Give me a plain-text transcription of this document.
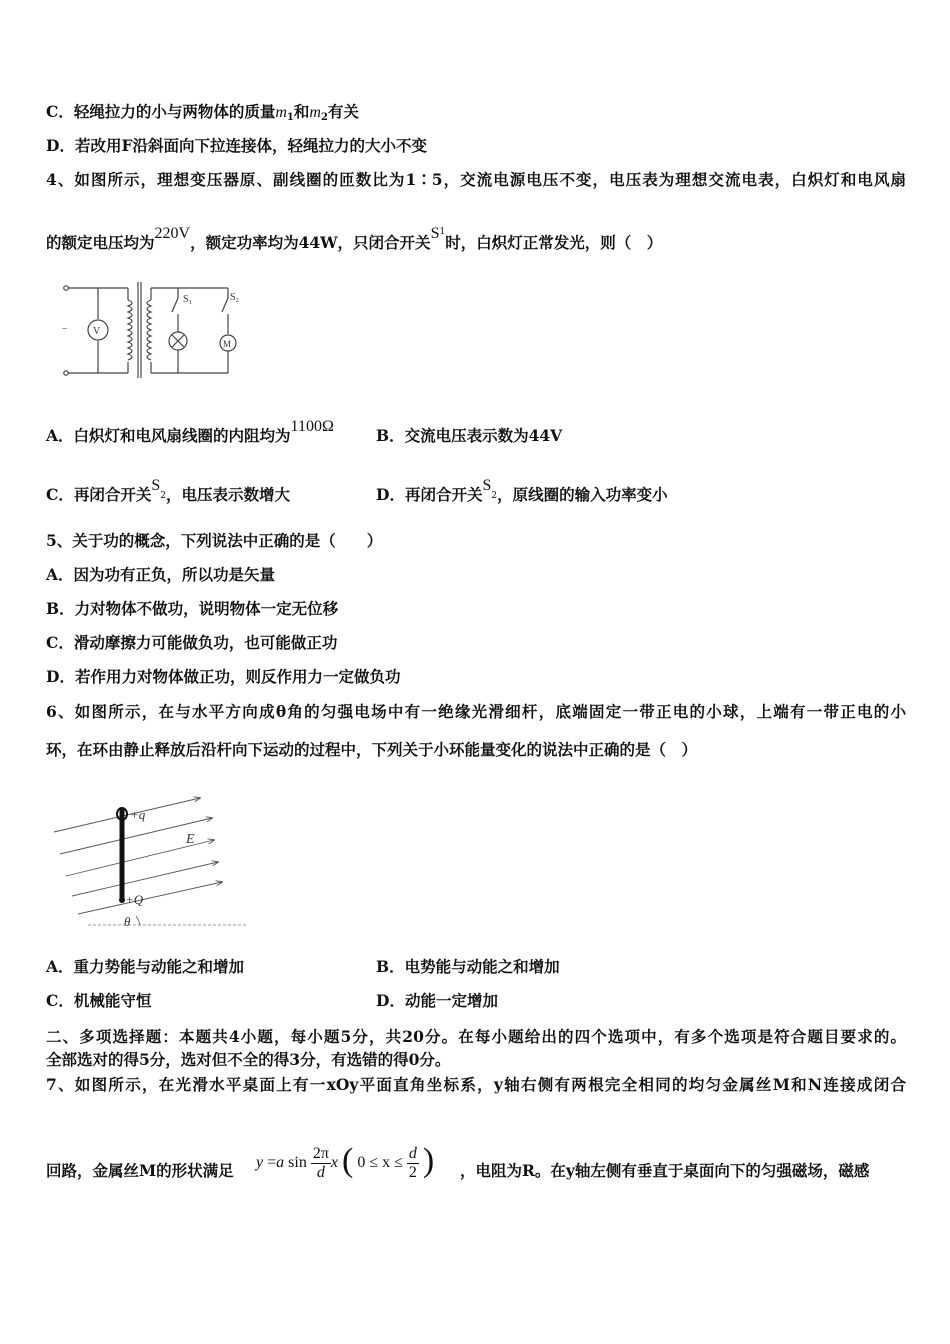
C．轻绳拉力的小与两物体的质量m1和m2有关
D．若改用F沿斜面向下拉连接体，轻绳拉力的大小不变
4、如图所示，理想变压器原、副线圈的匝数比为1∶5，交流电源电压不变，电压表为理想交流电表，白炽灯和电风扇
的额定电压均为220V，额定功率均为44W，只闭合开关$S^1$时，白炽灯正常发光，则（　）
V
M
S₁	S₂
−
A．白炽灯和电风扇线圈的内阻均为1100Ω	B．交流电压表示数为44V
C．再闭合开关S2，电压表示数增大	D．再闭合开关S2，原线圈的输入功率变小
5、关于功的概念，下列说法中正确的是（　　）
A．因为功有正负，所以功是矢量
B．力对物体不做功，说明物体一定无位移
C．滑动摩擦力可能做负功，也可能做正功
D．若作用力对物体做正功，则反作用力一定做负功
6、如图所示，在与水平方向成θ角的匀强电场中有一绝缘光滑细杆，底端固定一带正电的小球，上端有一带正电的小
环，在环由静止释放后沿杆向下运动的过程中，下列关于小环能量变化的说法中正确的是（　）
+q
+Q
E
θ
A．重力势能与动能之和增加	B．电势能与动能之和增加
C．机械能守恒	D．动能一定增加
二、多项选择题：本题共4小题，每小题5分，共20分。在每小题给出的四个选项中，有多个选项是符合题目要求的。
全部选对的得5分，选对但不全的得3分，有选错的得0分。
7、如图所示，在光滑水平桌面上有一xOy平面直角坐标系，y轴右侧有两根完全相同的均匀金属丝M和N连接成闭合
回路，金属丝M的形状满足 y =a $\sin \frac{2\pi}{d}$ x ( $0 \le x \le \frac{d}{2}$ ) ，电阻为R。在y轴左侧有垂直于桌面向下的匀强磁场，磁感
